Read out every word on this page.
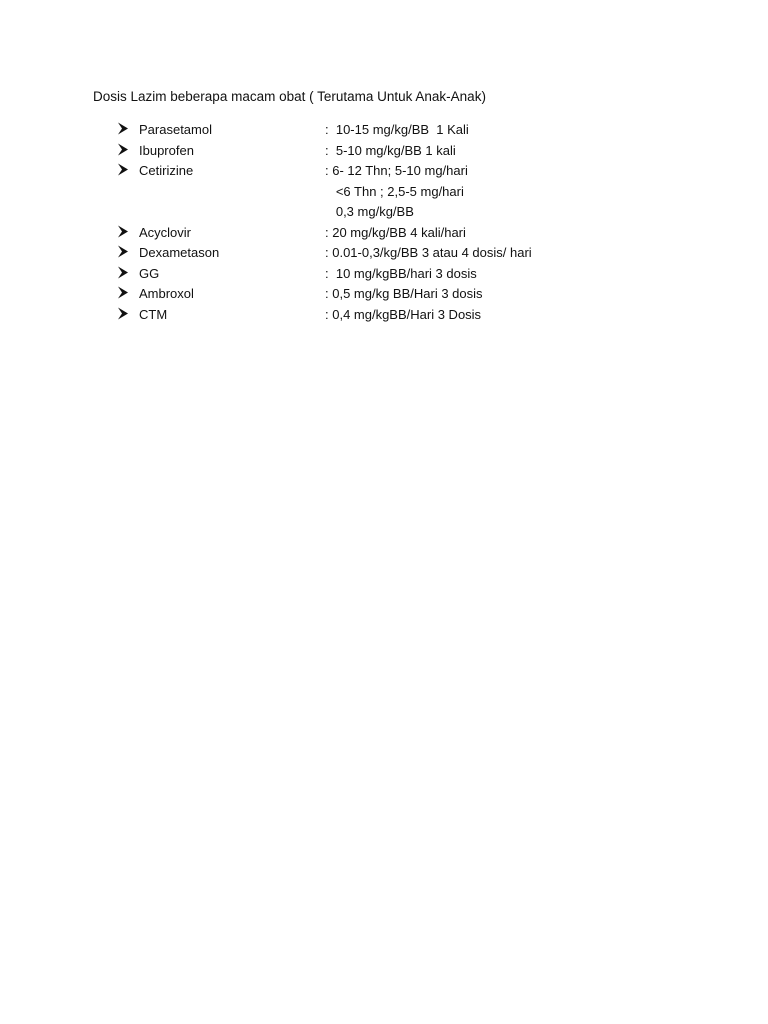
Dosis Lazim beberapa macam obat ( Terutama Untuk Anak-Anak)

Parasetamol	:  10-15 mg/kg/BB  1 Kali
Ibuprofen	:  5-10 mg/kg/BB 1 kali
Cetirizine	: 6- 12 Thn; 5-10 mg/hari
<6 Thn ; 2,5-5 mg/hari
0,3 mg/kg/BB
Acyclovir	: 20 mg/kg/BB 4 kali/hari
Dexametason	: 0.01-0,3/kg/BB 3 atau 4 dosis/ hari
GG	:  10 mg/kgBB/hari 3 dosis
Ambroxol	: 0,5 mg/kg BB/Hari 3 dosis
CTM	: 0,4 mg/kgBB/Hari 3 Dosis
